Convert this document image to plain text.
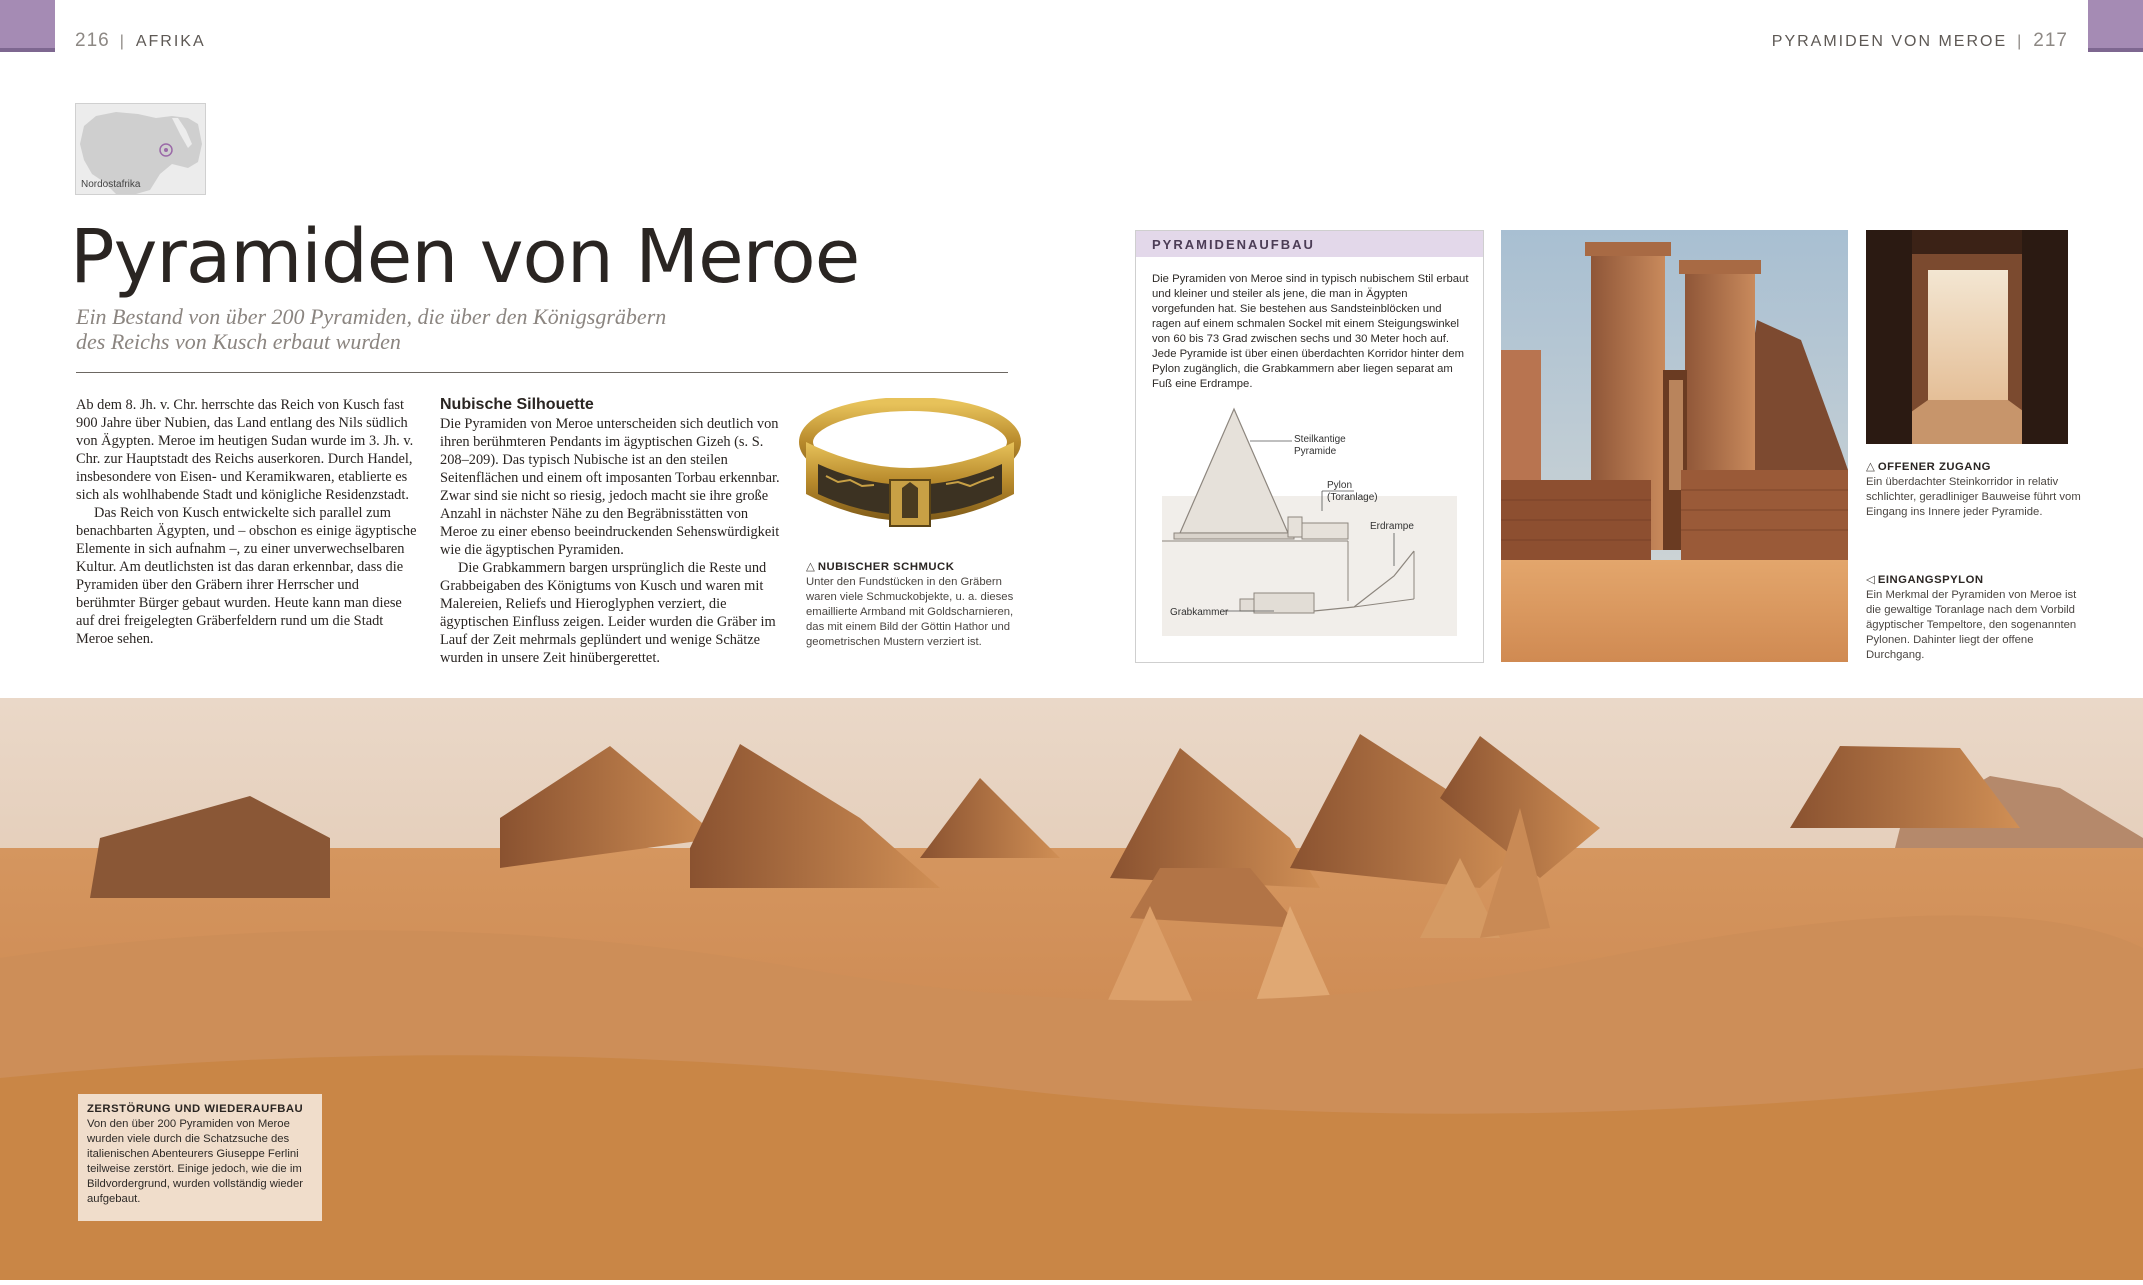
216 | AFRIKA	PYRAMIDEN VON MEROE | 217
Nordostafrika
Pyramiden von Meroe
Ein Bestand von über 200 Pyramiden, die über den Königsgräbern des Reichs von Kusch erbaut wurden

Ab dem 8. Jh. v. Chr. herrschte das Reich von Kusch fast 900 Jahre über Nubien, das Land entlang des Nils südlich von Ägypten. Meroe im heutigen Sudan wurde im 3. Jh. v. Chr. zur Hauptstadt des Reichs auserkoren. Durch Handel, insbesondere von Eisen- und Keramikwaren, etablierte es sich als wohlhabende Stadt und königliche Residenzstadt.

Das Reich von Kusch entwickelte sich parallel zum benachbarten Ägypten, und – obschon es einige ägyptische Elemente in sich aufnahm –, zu einer unverwechselbaren Kultur. Am deutlichsten ist das daran erkennbar, dass die Pyramiden über den Gräbern ihrer Herrscher und berühmter Bürger gebaut wurden. Heute kann man diese auf drei freigelegten Gräberfeldern rund um die Stadt Meroe sehen.

Nubische Silhouette

Die Pyramiden von Meroe unterscheiden sich deutlich von ihren berühmteren Pendants im ägyptischen Gizeh (s. S. 208–209). Das typisch Nubische ist an den steilen Seitenflächen und einem oft imposanten Torbau erkennbar. Zwar sind sie nicht so riesig, jedoch macht sie ihre große Anzahl in nächster Nähe zu den Begräbnisstätten von Meroe zu einer ebenso beeindruckenden Sehenswürdigkeit wie die ägyptischen Pyramiden.

Die Grabkammern bargen ursprünglich die Reste und Grabbeigaben des Königtums von Kusch und waren mit Malereien, Reliefs und Hieroglyphen verziert, die ägyptischen Einfluss zeigen. Leider wurden die Gräber im Lauf der Zeit mehrmals geplündert und wenige Schätze wurden in unsere Zeit hinübergerettet.

△ NUBISCHER SCHMUCK
Unter den Fundstücken in den Gräbern waren viele Schmuckobjekte, u. a. dieses emaillierte Armband mit Goldscharnieren, das mit einem Bild der Göttin Hathor und geometrischen Mustern verziert ist.
PYRAMIDENAUFBAU
Die Pyramiden von Meroe sind in typisch nubischem Stil erbaut und kleiner und steiler als jene, die man in Ägypten vorgefunden hat. Sie bestehen aus Sandsteinblöcken und ragen auf einem schmalen Sockel mit einem Steigungswinkel von 60 bis 73 Grad zwischen sechs und 30 Meter hoch auf. Jede Pyramide ist über einen überdachten Korridor hinter dem Pylon zugänglich, die Grabkammern aber liegen separat am Fuß eine Erdrampe.
Steilkantige
Pyramide
Pylon
(Toranlage)
Erdrampe
Grabkammer
△ OFFENER ZUGANG
Ein überdachter Steinkorridor in relativ schlichter, geradliniger Bauweise führt vom Eingang ins Innere jeder Pyramide.
◁ EINGANGSPYLON
Ein Merkmal der Pyramiden von Meroe ist die gewaltige Toranlage nach dem Vorbild ägyptischer Tempeltore, den sogenannten Pylonen. Dahinter liegt der offene Durchgang.
ZERSTÖRUNG UND WIEDERAUFBAU
Von den über 200 Pyramiden von Meroe wurden viele durch die Schatzsuche des italienischen Abenteurers Giuseppe Ferlini teilweise zerstört. Einige jedoch, wie die im Bildvordergrund, wurden vollständig wieder aufgebaut.
